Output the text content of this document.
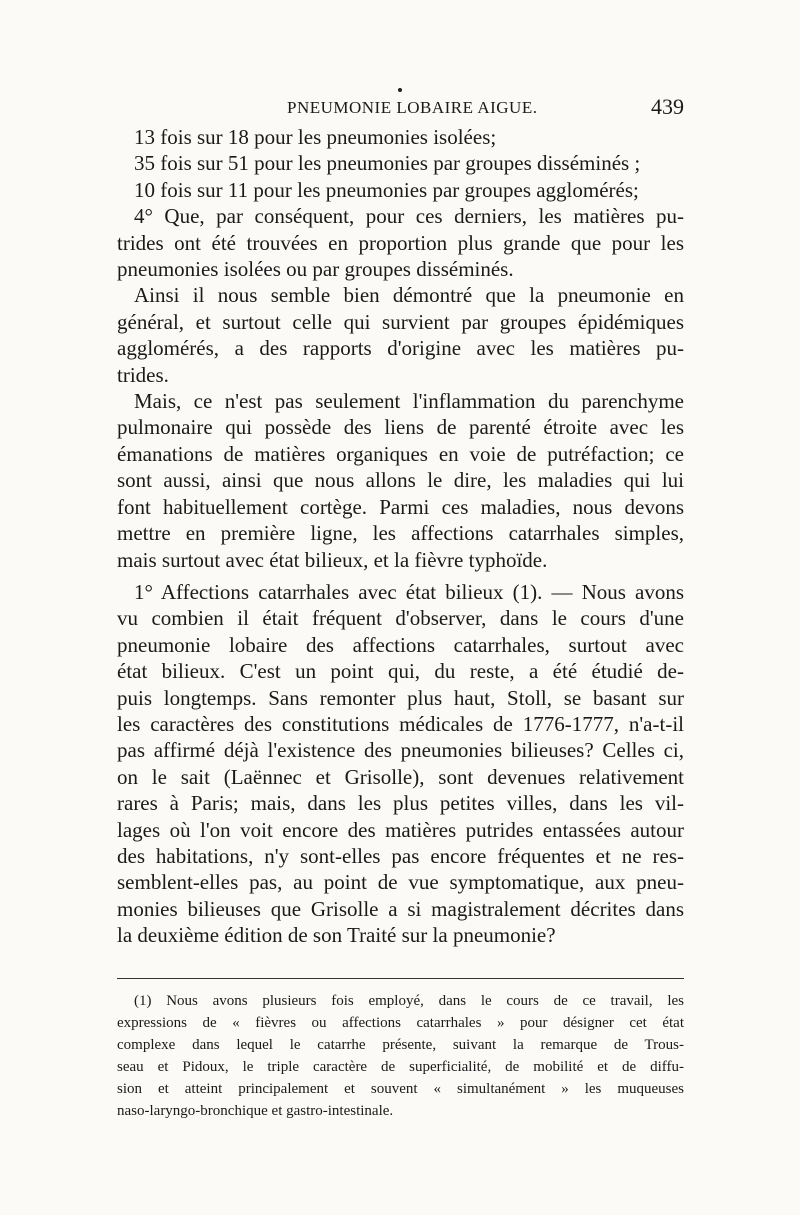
PNEUMONIE LOBAIRE AIGUE.	439
13 fois sur 18 pour les pneumonies isolées;
35 fois sur 51 pour les pneumonies par groupes disséminés ;
10 fois sur 11 pour les pneumonies par groupes agglomérés;
4° Que, par conséquent, pour ces derniers, les matières pu-
trides ont été trouvées en proportion plus grande que pour les
pneumonies isolées ou par groupes disséminés.
Ainsi il nous semble bien démontré que la pneumonie en
général, et surtout celle qui survient par groupes épidémiques
agglomérés, a des rapports d'origine avec les matières pu-
trides.
Mais, ce n'est pas seulement l'inflammation du parenchyme
pulmonaire qui possède des liens de parenté étroite avec les
émanations de matières organiques en voie de putréfaction; ce
sont aussi, ainsi que nous allons le dire, les maladies qui lui
font habituellement cortège. Parmi ces maladies, nous devons
mettre en première ligne, les affections catarrhales simples,
mais surtout avec état bilieux, et la fièvre typhoïde.
1° Affections catarrhales avec état bilieux (1). — Nous avons
vu combien il était fréquent d'observer, dans le cours d'une
pneumonie lobaire des affections catarrhales, surtout avec
état bilieux. C'est un point qui, du reste, a été étudié de-
puis longtemps. Sans remonter plus haut, Stoll, se basant sur
les caractères des constitutions médicales de 1776-1777, n'a-t-il
pas affirmé déjà l'existence des pneumonies bilieuses? Celles ci,
on le sait (Laënnec et Grisolle), sont devenues relativement
rares à Paris; mais, dans les plus petites villes, dans les vil-
lages où l'on voit encore des matières putrides entassées autour
des habitations, n'y sont-elles pas encore fréquentes et ne res-
semblent-elles pas, au point de vue symptomatique, aux pneu-
monies bilieuses que Grisolle a si magistralement décrites dans
la deuxième édition de son Traité sur la pneumonie?
(1) Nous avons plusieurs fois employé, dans le cours de ce travail, les
expressions de « fièvres ou affections catarrhales » pour désigner cet état
complexe dans lequel le catarrhe présente, suivant la remarque de Trous-
seau et Pidoux, le triple caractère de superficialité, de mobilité et de diffu-
sion et atteint principalement et souvent « simultanément » les muqueuses
naso-laryngo-bronchique et gastro-intestinale.
